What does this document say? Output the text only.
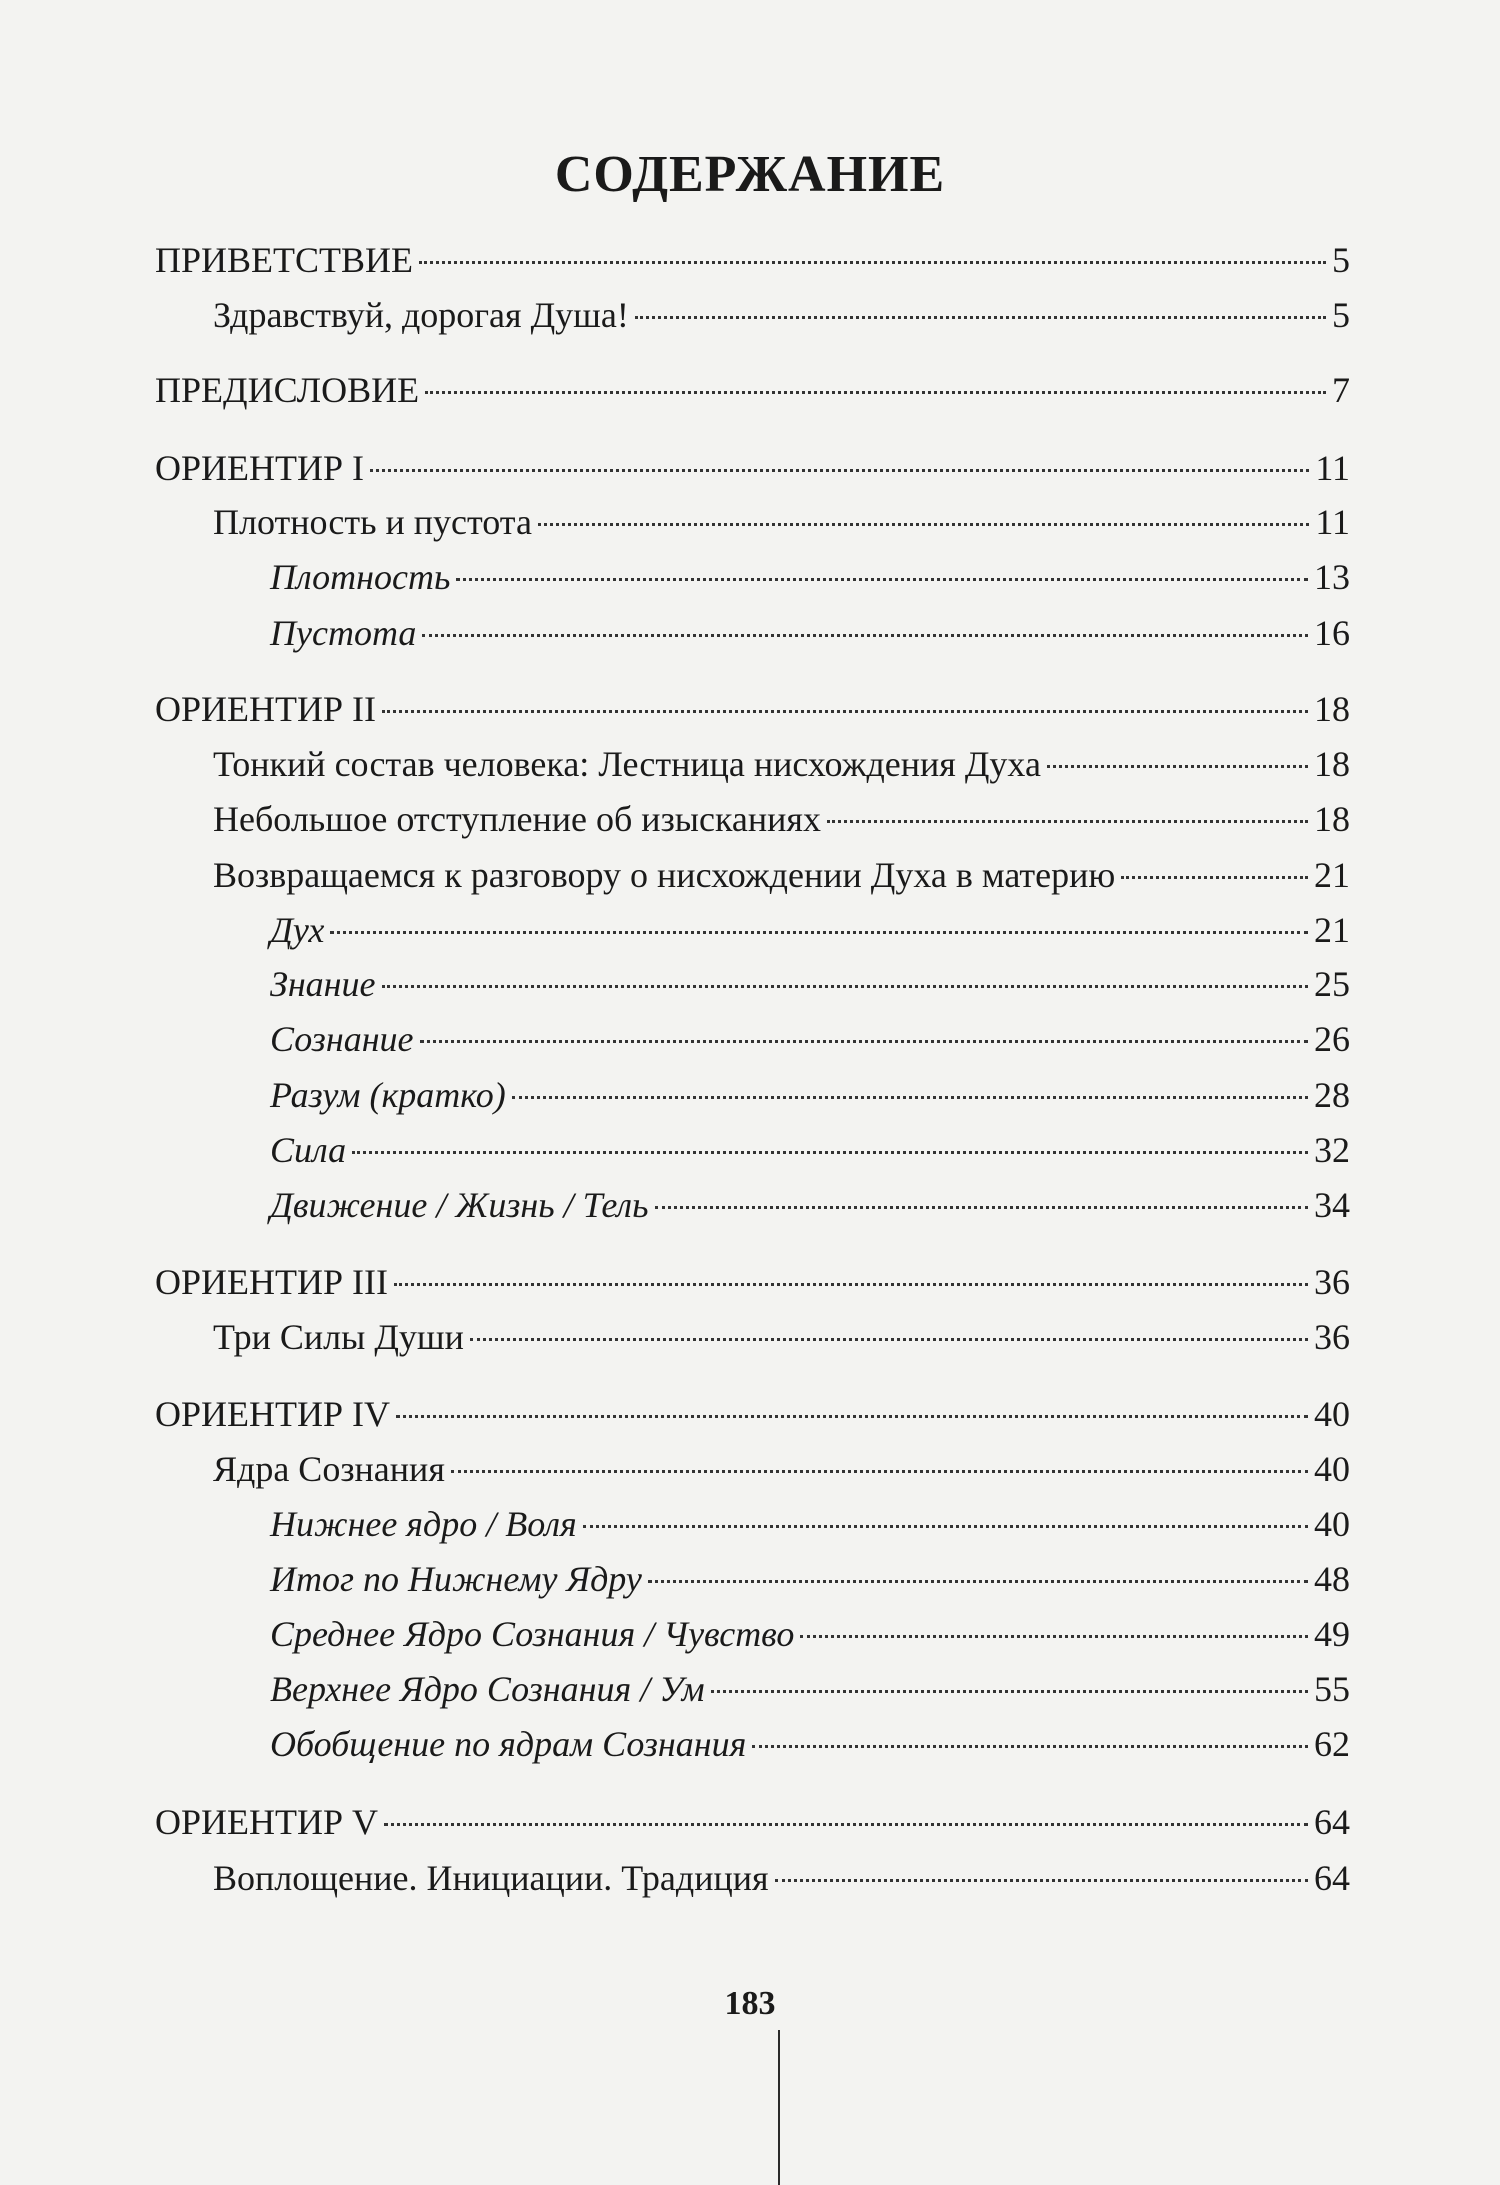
СОДЕРЖАНИЕ
ПРИВЕТСТВИЕ	5
Здравствуй, дорогая Душа!	5
ПРЕДИСЛОВИЕ	7
ОРИЕНТИР I	11
Плотность и пустота	11
Плотность	13
Пустота	16
ОРИЕНТИР II	18
Тонкий состав человека: Лестница нисхождения Духа	18
Небольшое отступление об изысканиях	18
Возвращаемся к разговору о нисхождении Духа в материю	21
Дух	21
Знание	25
Сознание	26
Разум (кратко)	28
Сила	32
Движение / Жизнь / Тель	34
ОРИЕНТИР III	36
Три Силы Души	36
ОРИЕНТИР IV	40
Ядра Сознания	40
Нижнее ядро / Воля	40
Итог по Нижнему Ядру	48
Среднее Ядро Сознания / Чувство	49
Верхнее Ядро Сознания / Ум	55
Обобщение по ядрам Сознания	62
ОРИЕНТИР V	64
Воплощение. Инициации. Традиция	64
183
